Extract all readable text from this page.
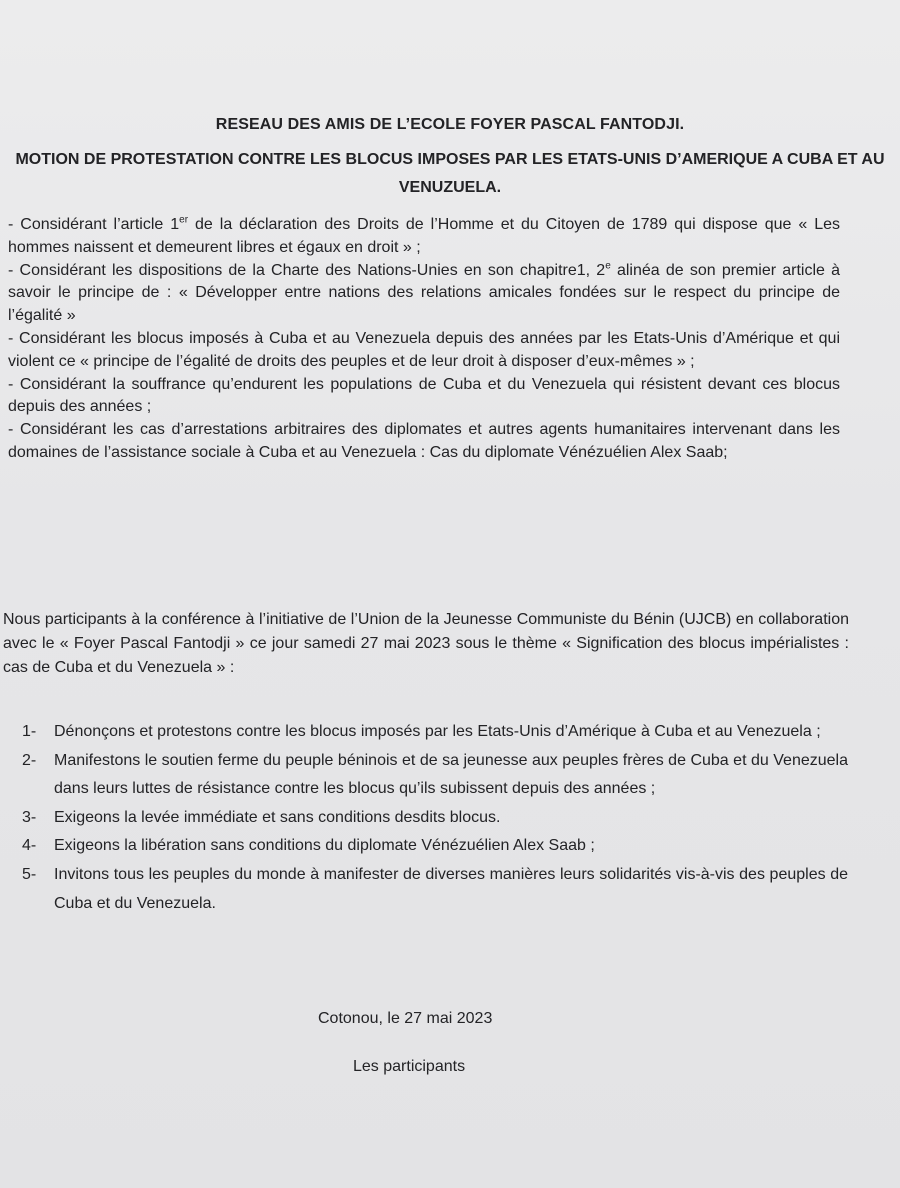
RESEAU DES AMIS DE L’ECOLE FOYER PASCAL FANTODJI.
MOTION DE PROTESTATION CONTRE LES BLOCUS IMPOSES PAR LES ETATS-UNIS D’AMERIQUE A CUBA ET AU VENUZUELA.

- Considérant l’article 1er de la déclaration des Droits de l’Homme et du Citoyen de 1789 qui dispose que « Les hommes naissent et demeurent libres et égaux en droit » ;

- Considérant les dispositions de la Charte des Nations-Unies en son chapitre1, 2e alinéa de son premier article à savoir le principe de : « Développer entre nations des relations amicales fondées sur le respect du principe de l’égalité »

- Considérant les blocus imposés à Cuba et au Venezuela depuis des années par les Etats-Unis d’Amérique et qui violent ce « principe de l’égalité de droits des peuples et de leur droit à disposer d’eux-mêmes » ;

- Considérant la souffrance qu’endurent les populations de Cuba et du Venezuela qui résistent devant ces blocus depuis des années ;

- Considérant les cas d’arrestations arbitraires des diplomates et autres agents humanitaires intervenant dans les domaines de l’assistance sociale à Cuba et au Venezuela : Cas du diplomate Vénézuélien Alex Saab;

Nous participants à la conférence à l’initiative de l’Union de la Jeunesse Communiste du Bénin (UJCB) en collaboration avec le « Foyer Pascal Fantodji » ce jour samedi 27 mai 2023 sous le thème « Signification des blocus impérialistes : cas de Cuba et du Venezuela » :
1-	Dénonçons et protestons contre les blocus imposés par les Etats-Unis d’Amérique à Cuba et au Venezuela ;
2-	Manifestons le soutien ferme du peuple béninois et de sa jeunesse aux peuples frères de Cuba et du Venezuela dans leurs luttes de résistance contre les blocus qu’ils subissent depuis des années ;
3-	Exigeons la levée immédiate et sans conditions desdits blocus.
4-	Exigeons la libération sans conditions du diplomate Vénézuélien Alex Saab ;
5-	Invitons tous les peuples du monde à manifester de diverses manières leurs solidarités vis-à-vis des peuples de Cuba et du Venezuela.
Cotonou, le 27 mai 2023
Les participants
